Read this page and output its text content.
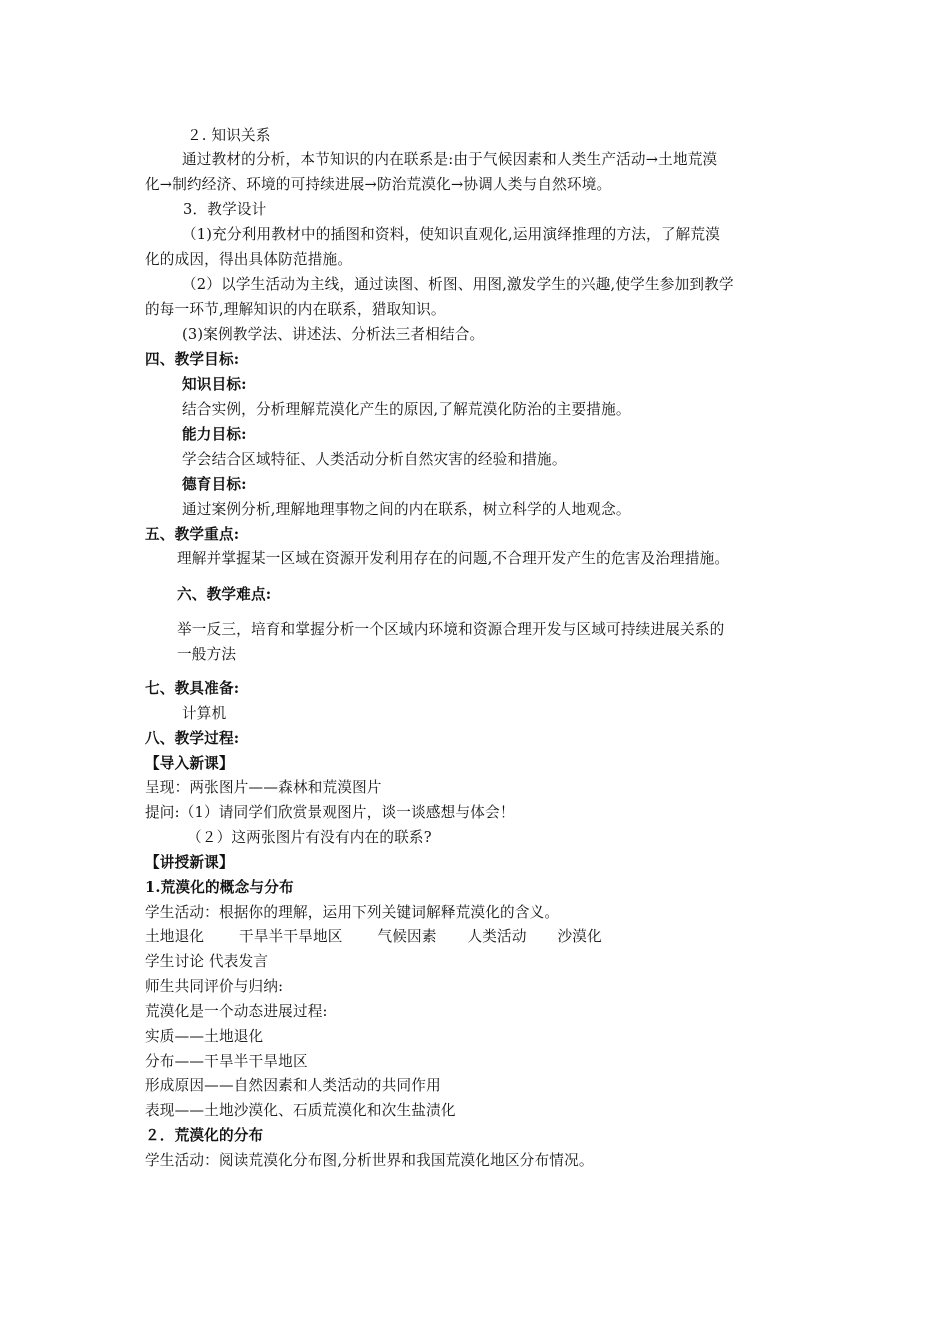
２. 知识关系
通过教材的分析，本节知识的内在联系是:由于气候因素和人类生产活动→土地荒漠
化→制约经济、环境的可持续进展→防治荒漠化→协调人类与自然环境。
3．教学设计
（1)充分利用教材中的插图和资料，使知识直观化,运用演绎推理的方法，了解荒漠
化的成因，得出具体防范措施。
（2）以学生活动为主线，通过读图、析图、用图,激发学生的兴趣,使学生参加到教学
的每一环节,理解知识的内在联系，猎取知识。
(3)案例教学法、讲述法、分析法三者相结合。
四、教学目标:
知识目标:
结合实例，分析理解荒漠化产生的原因,了解荒漠化防治的主要措施。
能力目标:
学会结合区域特征、人类活动分析自然灾害的经验和措施。
德育目标:
通过案例分析,理解地理事物之间的内在联系，树立科学的人地观念。
五、教学重点:
理解并掌握某一区域在资源开发利用存在的问题,不合理开发产生的危害及治理措施。
六、教学难点:
举一反三，培育和掌握分析一个区域内环境和资源合理开发与区域可持续进展关系的
一般方法
七、教具准备:
计算机
八、教学过程:
【导入新课】
呈现：两张图片——森林和荒漠图片
提问:（1）请同学们欣赏景观图片，谈一谈感想与体会！
（２）这两张图片有没有内在的联系?
【讲授新课】
1.荒漠化的概念与分布
学生活动：根据你的理解，运用下列关键词解释荒漠化的含义。
土地退化 干旱半干旱地区 气候因素 人类活动 沙漠化
学生讨论 代表发言
师生共同评价与归纳:
荒漠化是一个动态进展过程:
实质——土地退化
分布——干旱半干旱地区
形成原因——自然因素和人类活动的共同作用
表现——土地沙漠化、石质荒漠化和次生盐渍化
２．荒漠化的分布
学生活动：阅读荒漠化分布图,分析世界和我国荒漠化地区分布情况。
